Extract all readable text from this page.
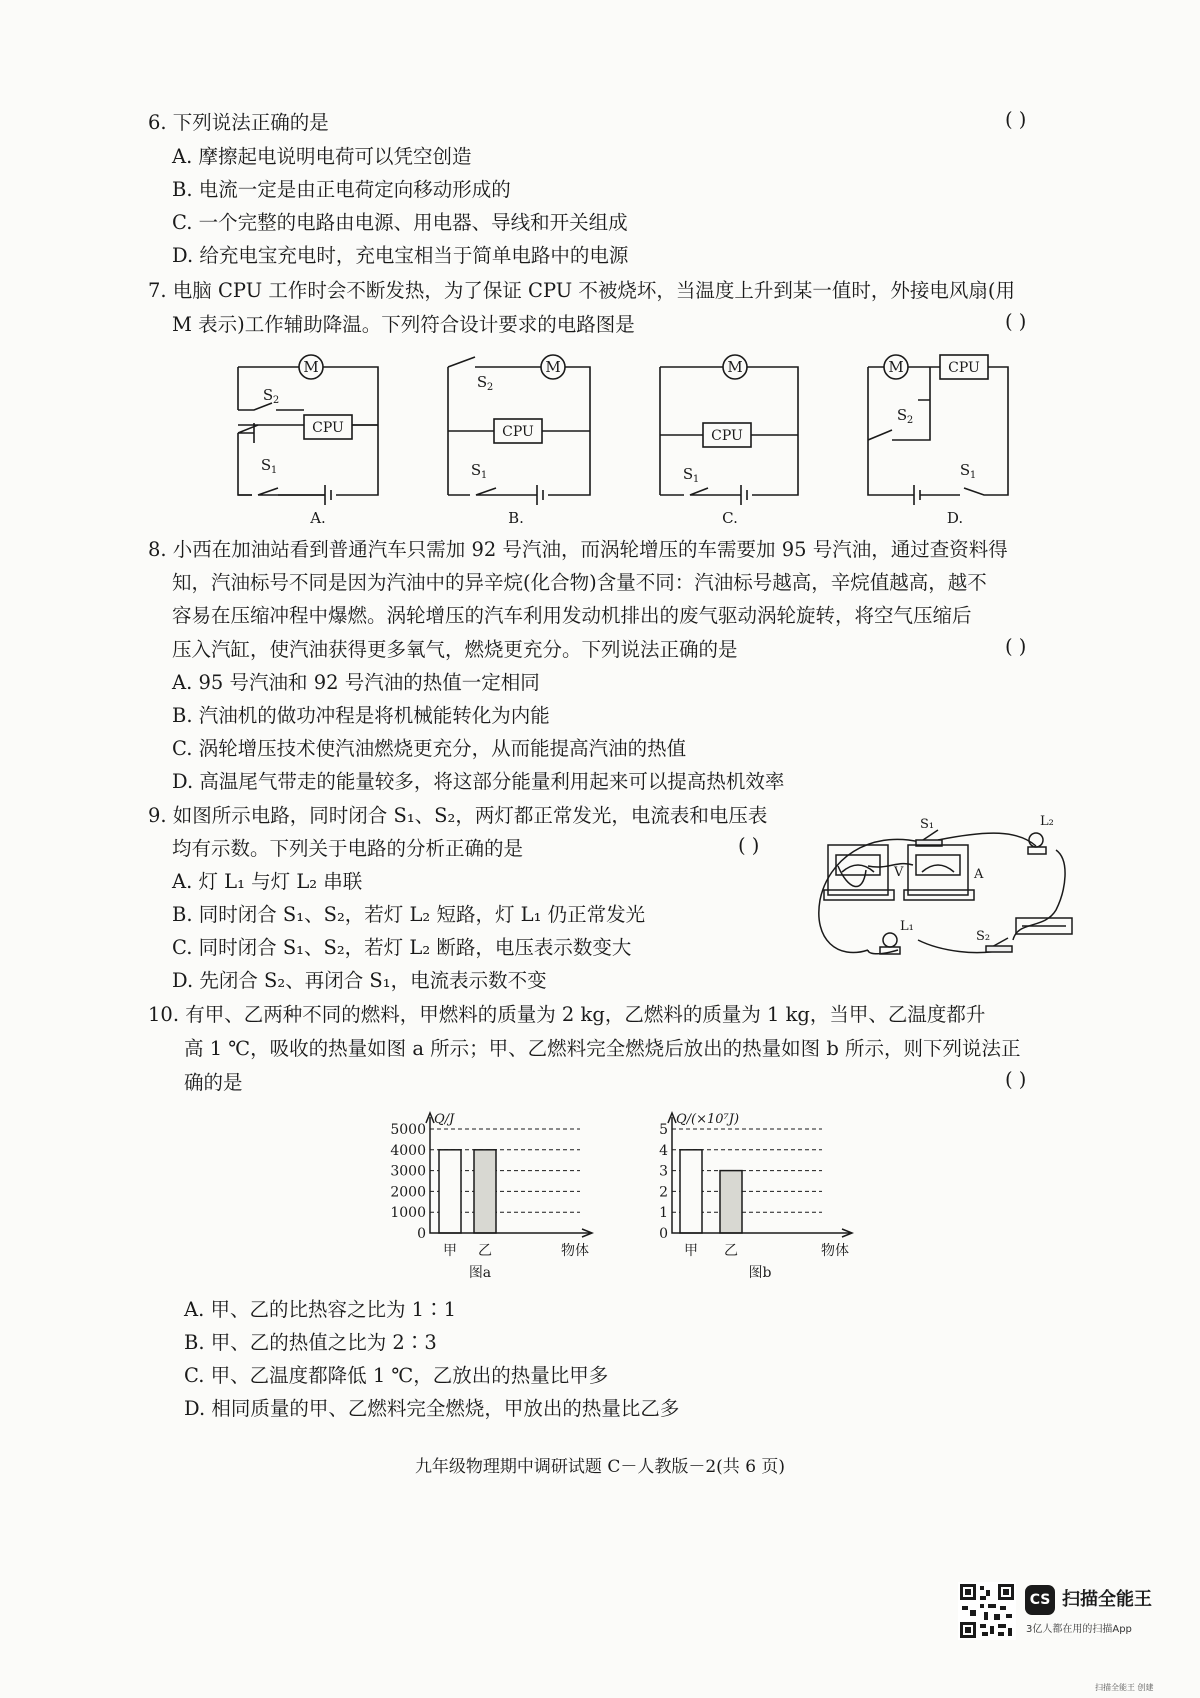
6. 下列说法正确的是	( )
A. 摩擦起电说明电荷可以凭空创造
B. 电流一定是由正电荷定向移动形成的
C. 一个完整的电路由电源、用电器、导线和开关组成
D. 给充电宝充电时，充电宝相当于简单电路中的电源
7. 电脑 CPU 工作时会不断发热，为了保证 CPU 不被烧坏，当温度上升到某一值时，外接电风扇(用
M 表示)工作辅助降温。下列符合设计要求的电路图是	( )
M
CPU
S 2
S 1
A.
M
CPU
S 2
S 1
B.
M
CPU
S 1
C.
M	CPU
S 2
S 1
D.
8. 小西在加油站看到普通汽车只需加 92 号汽油，而涡轮增压的车需要加 95 号汽油，通过查资料得
知，汽油标号不同是因为汽油中的异辛烷(化合物)含量不同：汽油标号越高，辛烷值越高，越不
容易在压缩冲程中爆燃。涡轮增压的汽车利用发动机排出的废气驱动涡轮旋转，将空气压缩后
压入汽缸，使汽油获得更多氧气，燃烧更充分。下列说法正确的是	( )
A. 95 号汽油和 92 号汽油的热值一定相同
B. 汽油机的做功冲程是将机械能转化为内能
C. 涡轮增压技术使汽油燃烧更充分，从而能提高汽油的热值
D. 高温尾气带走的能量较多，将这部分能量利用起来可以提高热机效率
9. 如图所示电路，同时闭合 S₁、S₂，两灯都正常发光，电流表和电压表
均有示数。下列关于电路的分析正确的是	( )
A. 灯 L₁ 与灯 L₂ 串联
B. 同时闭合 S₁、S₂，若灯 L₂ 短路，灯 L₁ 仍正常发光
C. 同时闭合 S₁、S₂，若灯 L₂ 断路，电压表示数变大
D. 先闭合 S₂、再闭合 S₁，电流表示数不变
S₁	L₂
V	A
L₁
S₂
10. 有甲、乙两种不同的燃料，甲燃料的质量为 2 kg，乙燃料的质量为 1 kg，当甲、乙温度都升
高 1 ℃，吸收的热量如图 a 所示；甲、乙燃料完全燃烧后放出的热量如图 b 所示，则下列说法正
确的是	( )
甲 乙
5000
4000
3000
2000
1000
0
Q/J
物体
图a
甲 乙
5
4
3
2
1
0
Q/(×10⁷J)
物体
图b
A. 甲、乙的比热容之比为 1∶1
B. 甲、乙的热值之比为 2∶3
C. 甲、乙温度都降低 1 ℃，乙放出的热量比甲多
D. 相同质量的甲、乙燃料完全燃烧，甲放出的热量比乙多
九年级物理期中调研试题 C－人教版－2(共 6 页)
CS 扫描全能王
3亿人都在用的扫描App
扫描全能王 创建
